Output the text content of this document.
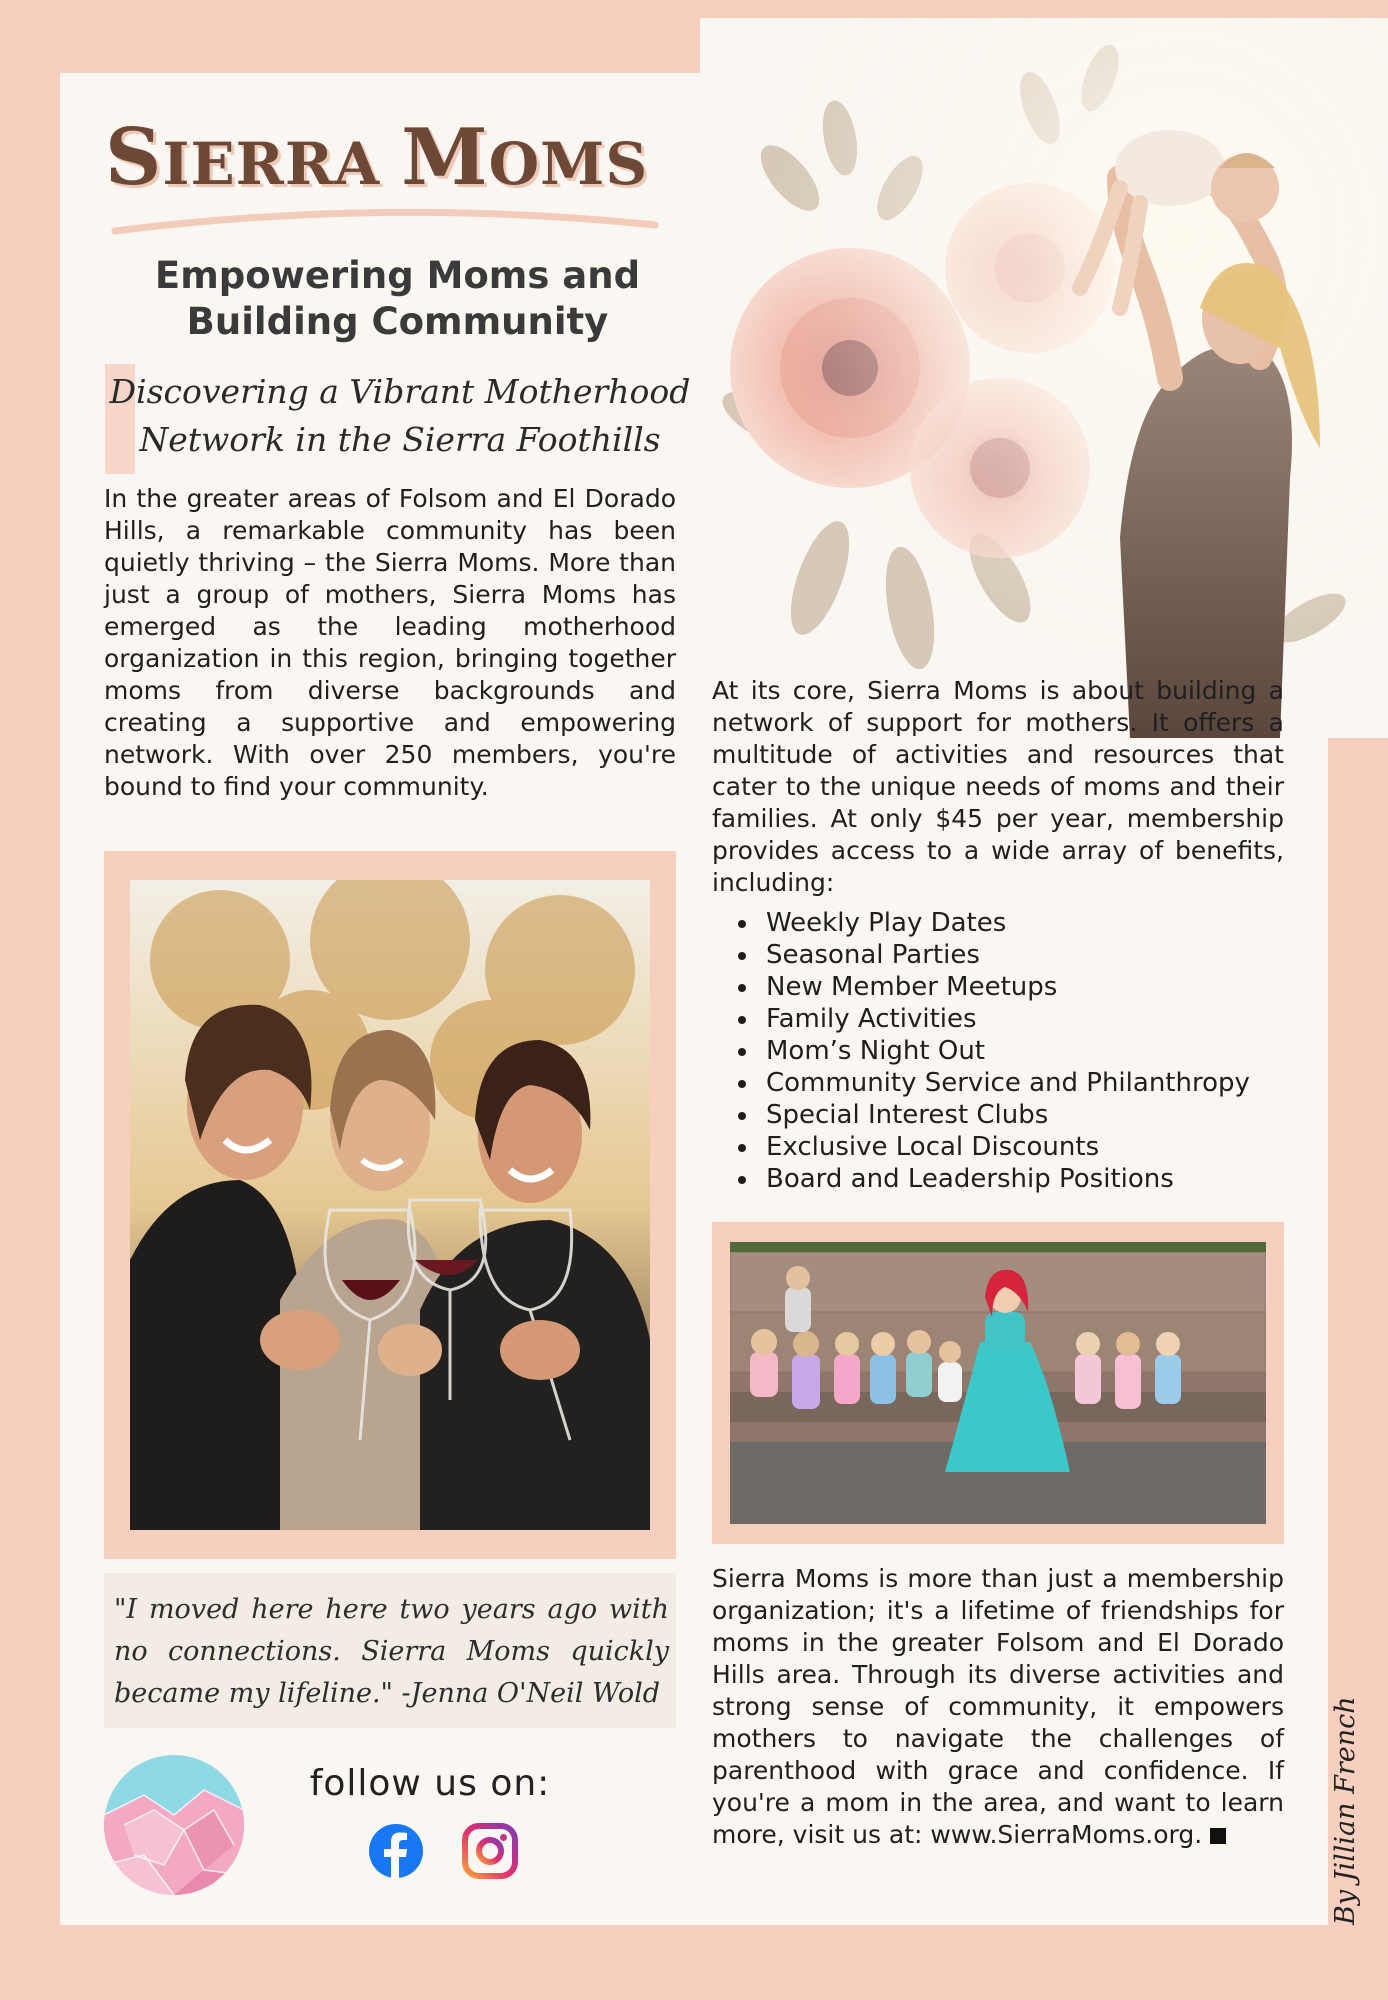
SIERRA MOMS
Empowering Moms and
Building Community
Discovering a Vibrant Motherhood
Network in the Sierra Foothills

In the greater areas of Folsom and El Dorado Hills, a remarkable community has been quietly thriving – the Sierra Moms. More than just a group of mothers, Sierra Moms has emerged as the leading motherhood organization in this region, bringing together moms from diverse backgrounds and creating a supportive and empowering network. With over 250 members, you're bound to find your community.

"I moved here here two years ago with no connections. Sierra Moms quickly became my lifeline." -Jenna O'Neil Wold

follow us on:

At its core, Sierra Moms is about building a network of support for mothers. It offers a multitude of activities and resources that cater to the unique needs of moms and their families. At only $45 per year, membership provides access to a wide array of benefits, including:

• Weekly Play Dates
• Seasonal Parties
• New Member Meetups
• Family Activities
• Mom’s Night Out
• Community Service and Philanthropy
• Special Interest Clubs
• Exclusive Local Discounts
• Board and Leadership Positions

Sierra Moms is more than just a membership organization; it's a lifetime of friendships for moms in the greater Folsom and El Dorado Hills area. Through its diverse activities and strong sense of community, it empowers mothers to navigate the challenges of parenthood with grace and confidence. If you're a mom in the area, and want to learn more, visit us at: www.SierraMoms.org.	By Jillian French
